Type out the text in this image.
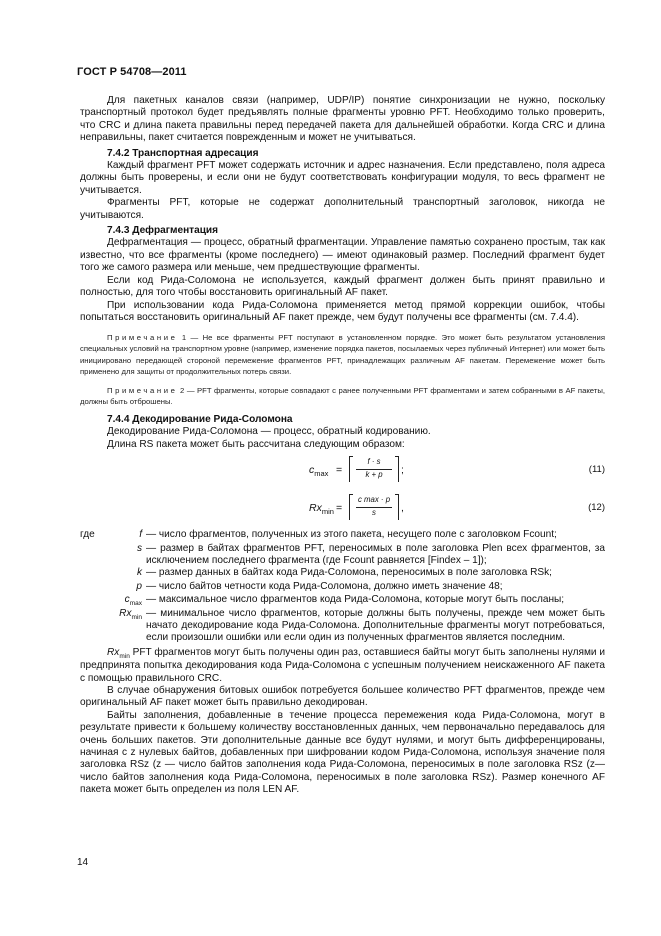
ГОСТ Р 54708—2011

Для пакетных каналов связи (например, UDP/IP) понятие синхронизации не нужно, поскольку транспортный протокол будет предъявлять полные фрагменты уровню PFT. Необходимо только проверить, что CRC и длина пакета правильны перед передачей пакета для дальнейшей обработки. Когда CRC и длина неправильны, пакет считается поврежденным и может не учитываться.

7.4.2 Транспортная адресация

Каждый фрагмент PFT может содержать источник и адрес назначения. Если представлено, поля адреса должны быть проверены, и если они не будут соответствовать конфигурации модуля, то весь фрагмент не учитывается.

Фрагменты PFT, которые не содержат дополнительный транспортный заголовок, никогда не учитываются.

7.4.3 Дефрагментация

Дефрагментация — процесс, обратный фрагментации. Управление памятью сохранено простым, так как известно, что все фрагменты (кроме последнего) — имеют одинаковый размер. Последний фрагмент будет того же самого размера или меньше, чем предшествующие фрагменты.

Если код Рида-Соломона не используется, каждый фрагмент должен быть принят правильно и полностью, для того чтобы восстановить оригинальный AF пакет.

При использовании кода Рида-Соломона применяется метод прямой коррекции ошибок, чтобы попытаться восстановить оригинальный AF пакет прежде, чем будут получены все фрагменты (см. 7.4.4).

Примечание 1 — Не все фрагменты PFT поступают в установленном порядке. Это может быть результатом установления специальных условий на транспортном уровне (например, изменение порядка пакетов, посылаемых через публичный Интернет) или может быть инициировано передающей стороной перемежение фрагментов PFT, принадлежащих различным AF пакетам. Перемежение может быть применено для защиты от продолжительных потерь связи.
Примечание 2 — PFT фрагменты, которые совпадают с ранее полученными PFT фрагментами и затем собранными в AF пакеты, должны быть отброшены.
7.4.4 Декодирование Рида-Соломона

Декодирование Рида-Соломона — процесс, обратный кодированию.

Длина RS пакета может быть рассчитана следующим образом:

$c_{max}$ =
f · s
k + p	;	(11)
$Rx_{min}$ =
c max · p
s	,	(12)
где	f — число фрагментов, полученных из этого пакета, несущего поле с заголовком Fcount;
s — размер в байтах фрагментов PFT, переносимых в поле заголовка Plen всех фрагментов, за исключением последнего фрагмента (где Fcount равняется [Findex – 1]);
k — размер данных в байтах кода Рида-Соломона, переносимых в поле заголовка RSk;
p — число байтов четности кода Рида-Соломона, должно иметь значение 48;
$c_{max}$ — максимальное число фрагментов кода Рида-Соломона, которые могут быть посланы;
$Rx_{min}$ — минимальное число фрагментов, которые должны быть получены, прежде чем может быть начато декодирование кода Рида-Соломона. Дополнительные фрагменты могут потребоваться, если произошли ошибки или если один из полученных фрагментов является последним.

$Rx_{min}$ PFT фрагментов могут быть получены один раз, оставшиеся байты могут быть заполнены нулями и предпринята попытка декодирования кода Рида-Соломона с успешным получением неискаженного AF пакета с помощью правильного CRC.

В случае обнаружения битовых ошибок потребуется большее количество PFT фрагментов, прежде чем оригинальный AF пакет может быть правильно декодирован.

Байты заполнения, добавленные в течение процесса перемежения кода Рида-Соломона, могут в результате привести к большему количеству восстановленных данных, чем первоначально передавалось для очень больших пакетов. Эти дополнительные данные все будут нулями, и могут быть дифференцированы, начиная с z нулевых байтов, добавленных при шифровании кодом Рида-Соломона, используя значение поля заголовка RSz (z — число байтов заполнения кода Рида-Соломона, переносимых в поле заголовка RSz (z— число байтов заполнения кода Рида-Соломона, переносимых в поле заголовка RSz). Размер конечного AF пакета может быть определен из поля LEN AF.

14
